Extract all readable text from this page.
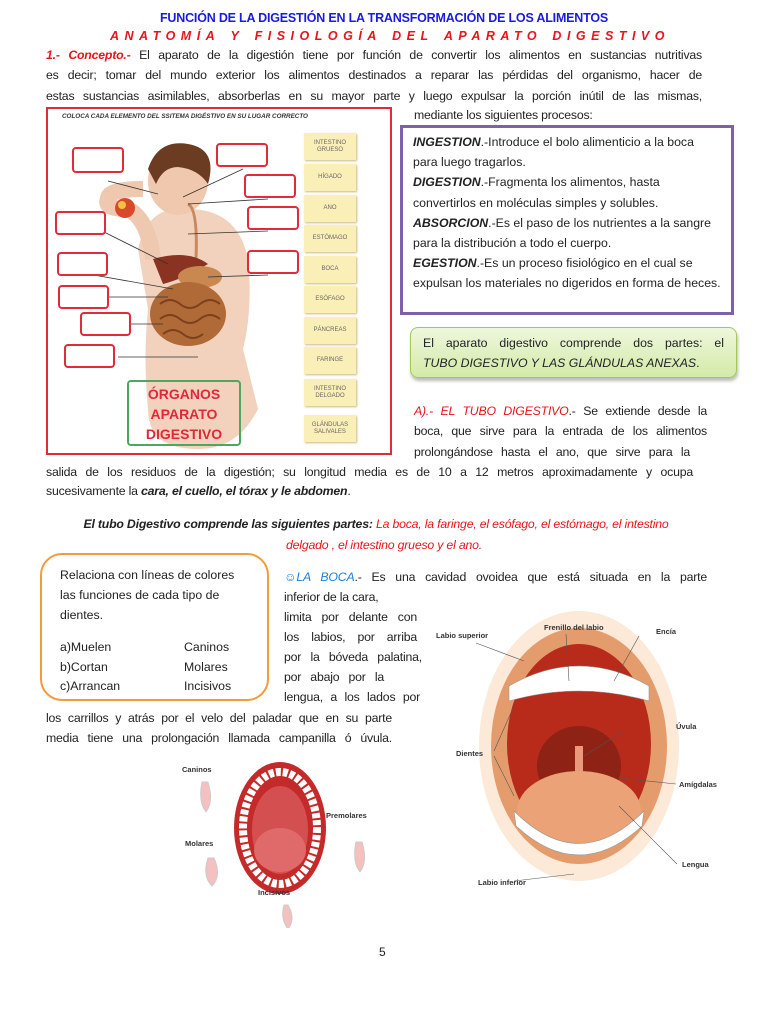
FUNCIÓN DE LA DIGESTIÓN EN LA TRANSFORMACIÓN DE LOS ALIMENTOS
ANATOMÍA Y FISIOLOGÍA DEL APARATO DIGESTIVO
1.- Concepto.- El aparato de la digestión tiene por función de convertir los alimentos en sustancias nutritivas
es decir; tomar del mundo exterior los alimentos destinados a reparar las pérdidas del organismo, hacer de
estas sustancias asimilables, absorberlas en su mayor parte y luego expulsar la porción inútil de las mismas,
mediante los siguientes procesos:
COLOCA CADA ELEMENTO DEL SSITEMA DIGÉSTIVO EN SU LUGAR CORRECTO
INTESTINO GRUESO
HÍGADO
ANO
ESTÓMAGO
BOCA
ESÓFAGO
PÁNCREAS
FARINGE
INTESTINO DELGADO
GLÁNDULAS SALIVALES
ÓRGANOS
APARATO
DIGESTIVO

INGESTION.-Introduce el bolo alimenticio a la boca para luego tragarlos.

DIGESTION.-Fragmenta los alimentos, hasta convertirlos en moléculas simples y solubles.

ABSORCION.-Es el paso de los nutrientes a la sangre para la distribución a todo el cuerpo.

EGESTION.-Es un proceso fisiológico en el cual se expulsan los materiales no digeridos en forma de heces.

El aparato digestivo comprende dos partes: el
TUBO DIGESTIVO Y LAS GLÁNDULAS ANEXAS.
A).- EL TUBO DIGESTIVO.- Se extiende desde la
boca, que sirve para la entrada de los alimentos
prolongándose hasta el ano, que sirve para la
salida de los residuos de la digestión; su longitud media es de 10 a 12 metros aproximadamente y ocupa
sucesivamente la cara, el cuello, el tórax y le abdomen.
El tubo Digestivo comprende las siguientes partes: La boca, la faringe, el esófago, el estómago, el intestino
delgado , el intestino grueso y el ano.

Relaciona con líneas de colores las funciones de cada tipo de dientes.

a)Muelen	Caninos
b)Cortan	Molares
c)Arrancan	Incisivos
☺LA BOCA.- Es una cavidad ovoidea que está situada en la parte
inferior de la cara,
limita por delante con
los labios, por arriba
por la bóveda palatina,
por abajo por la
lengua, a los lados por
los carrillos y atrás por el velo del paladar que en su parte
media tiene una prolongación llamada campanilla ó úvula.
Caninos
Premolares
Molares
Incisivos
Labio superior
Frenillo del labio	Encía
Úvula
Dientes
Amígdalas
Lengua
Labio inferior
5
